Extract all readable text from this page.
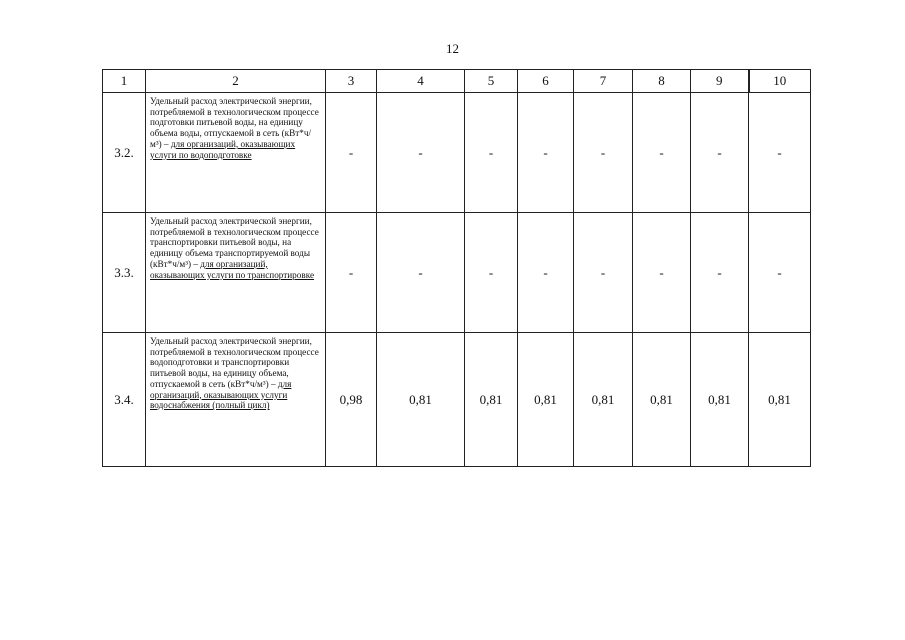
12
1	2	3	4	5	6	7	8	9	10
3.2.	Удельный расход электрической энергии, потребляемой в технологическом процессе подготовки питьевой воды, на единицу объема воды, отпускаемой в сеть (кВт*ч/м³) – для организаций, оказывающих услуги по водоподготовке	-	-	-	-	-	-	-	-
3.3.	Удельный расход электрической энергии, потребляемой в технологическом процессе транспортировки питьевой воды, на единицу объема транспортируемой воды (кВт*ч/м³) – для организаций, оказывающих услуги по транспортировке	-	-	-	-	-	-	-	-
3.4.	Удельный расход электрической энергии, потребляемой в технологическом процессе водоподготовки и транспортировки питьевой воды, на единицу объема, отпускаемой в сеть (кВт*ч/м³) – для организаций, оказывающих услуги водоснабжения (полный цикл)	0,98	0,81	0,81	0,81	0,81	0,81	0,81	0,81
